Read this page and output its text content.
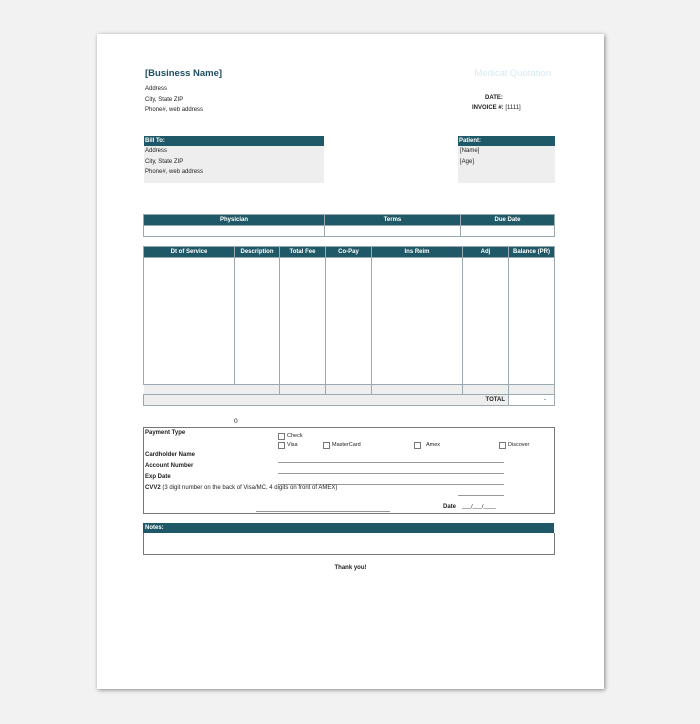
[Business Name]
Address
City, State ZIP
Phone#, web address
Medical Quotation
DATE:
INVOICE #: [1111]
Bill To:
Address
City, State ZIP
Phone#, web address
Patient:
[Name]
[Age]
Physician	Terms	Due Date

Dt of Service	Description	Total Fee	Co-Pay	Ins Reim	Adj	Balance (PR)

TOTAL						-
0
Payment Type	Check
Visa	MasterCard	Amex	Discover
Cardholder Name
Account Number
Exp Date
CVV2 (3 digit number on the back of Visa/MC, 4 digits on front of AMEX)
Date ___/___/____
Notes:
Thank you!
